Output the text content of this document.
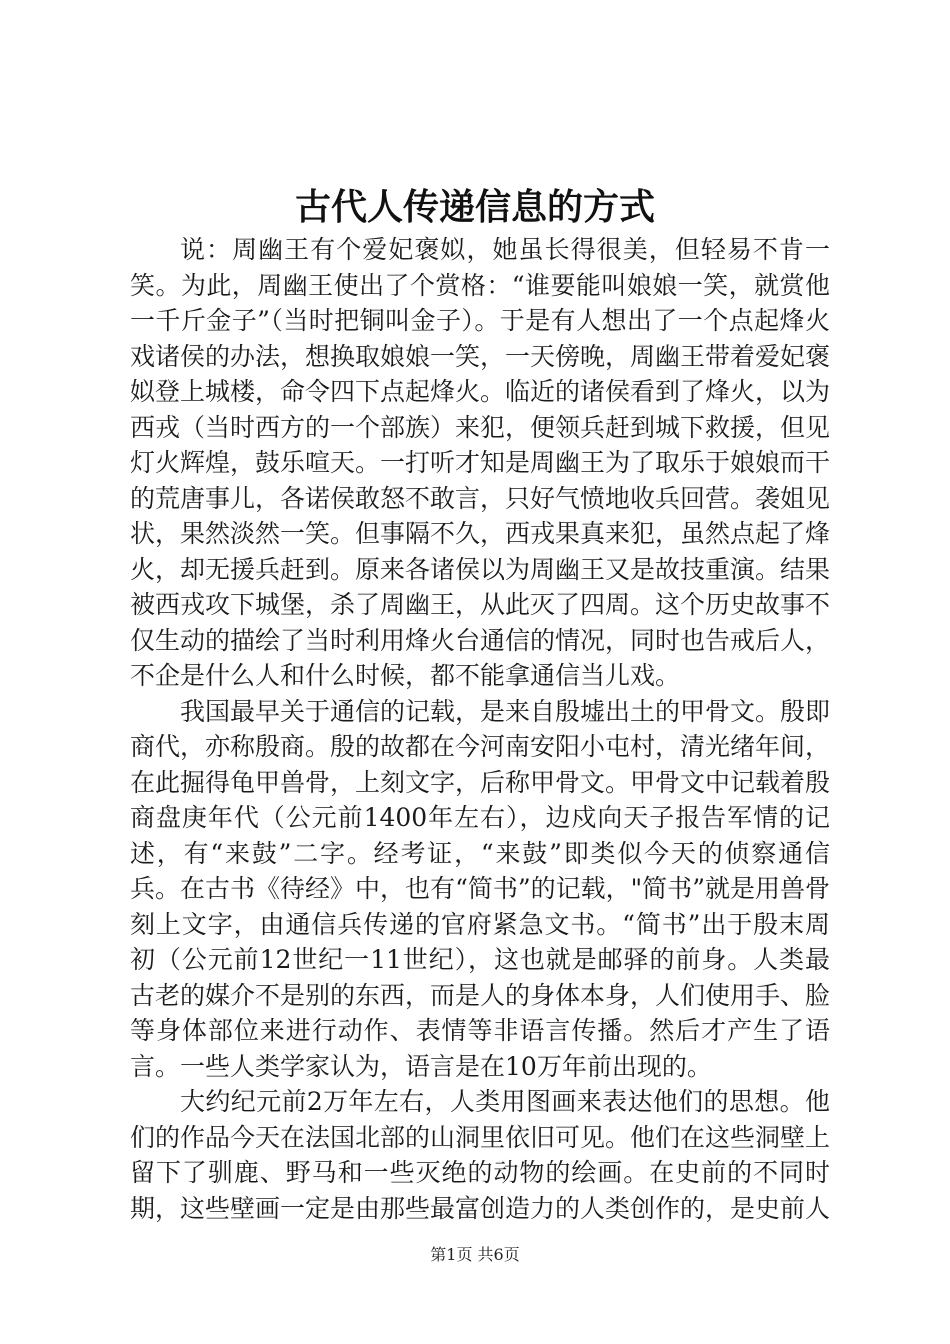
古代人传递信息的方式

说：周幽王有个爱妃褒姒，她虽长得很美，但轻易不肯一笑。为此，周幽王使出了个赏格：“谁要能叫娘娘一笑，就赏他一千斤金子”（当时把铜叫金子）。于是有人想出了一个点起烽火戏诸侯的办法，想换取娘娘一笑，一天傍晚，周幽王带着爱妃褒姒登上城楼，命令四下点起烽火。临近的诸侯看到了烽火，以为西戎（当时西方的一个部族）来犯，便领兵赶到城下救援，但见灯火辉煌，鼓乐喧天。一打听才知是周幽王为了取乐于娘娘而干的荒唐事儿，各诺侯敢怒不敢言，只好气愤地收兵回营。袭姐见状，果然淡然一笑。但事隔不久，西戎果真来犯，虽然点起了烽火，却无援兵赶到。原来各诸侯以为周幽王又是故技重演。结果被西戎攻下城堡，杀了周幽王，从此灭了四周。这个历史故事不仅生动的描绘了当时利用烽火台通信的情况，同时也告戒后人，不企是什么人和什么时候，都不能拿通信当儿戏。

我国最早关于通信的记载，是来自殷墟出土的甲骨文。殷即商代，亦称殷商。殷的故都在今河南安阳小屯村，清光绪年间，在此掘得龟甲兽骨，上刻文字，后称甲骨文。甲骨文中记载着殷商盘庚年代（公元前1400年左右），边戍向天子报告军情的记述，有“来鼓”二字。经考证，“来鼓”即类似今天的侦察通信兵。在古书《待经》中，也有“简书”的记载，"简书”就是用兽骨刻上文字，由通信兵传递的官府紧急文书。“简书”出于殷末周初（公元前12世纪一11世纪），这也就是邮驿的前身。人类最古老的媒介不是别的东西，而是人的身体本身，人们使用手、脸等身体部位来进行动作、表情等非语言传播。然后才产生了语言。一些人类学家认为，语言是在10万年前出现的。

大约纪元前2万年左右，人类用图画来表达他们的思想。他们的作品今天在法国北部的山洞里依旧可见。他们在这些洞壁上留下了驯鹿、野马和一些灭绝的动物的绘画。在史前的不同时期，这些壁画一定是由那些最富创造力的人类创作的，是史前人

第1页 共6页
